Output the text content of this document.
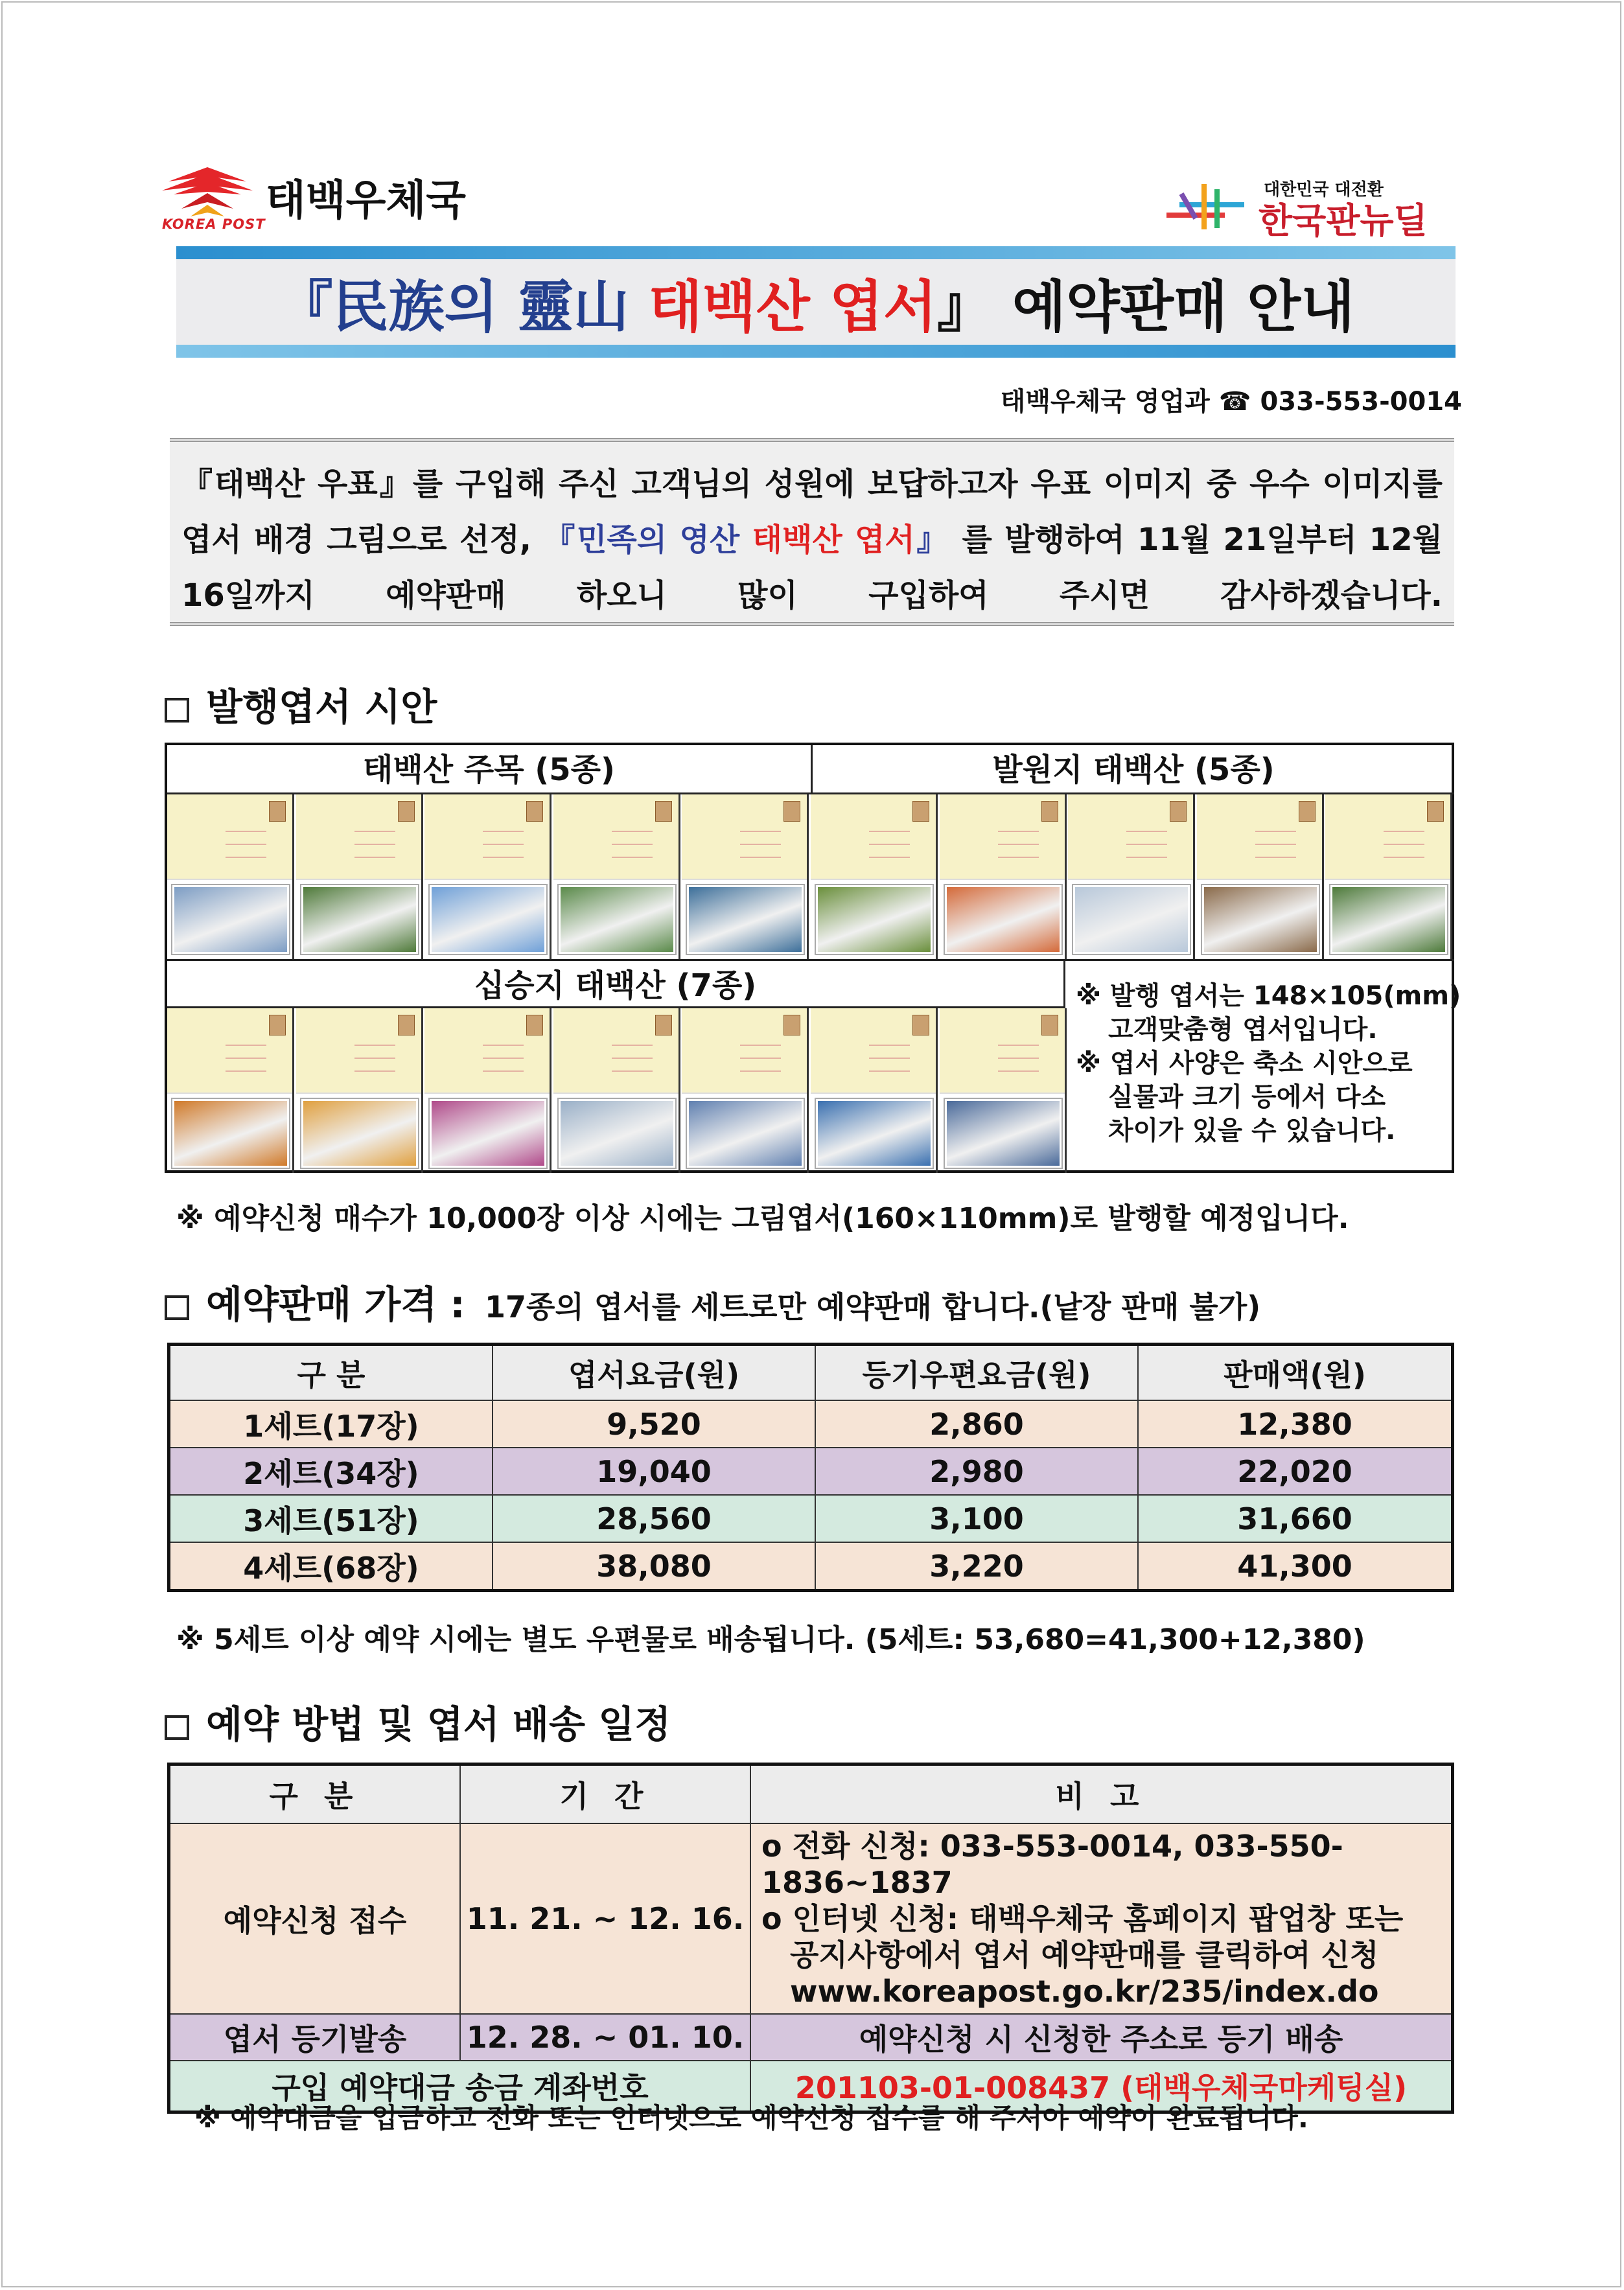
KOREA POST 태백우체국	대한민국 대전환
한국판뉴딜
『民族의
靈山
태백산 엽서 』 예약판매 안내
태백우체국 영업과 ☎ 033-553-0014
『태백산 우표』를 구입해 주신 고객님의 성원에 보답하고자 우표 이미지 중 우수 이미지를 엽서 배경 그림으로 선정, 『민족의 영산 태백산 엽서』 를 발행하여 11월 21일부터 12월16일까지 예약판매 하오니 많이 구입하여 주시면 감사하겠습니다.
발행엽서 시안
태백산 주목 (5종)	발원지 태백산 (5종)
십승지 태백산 (7종)	※ 발행 엽서는 148×105(mm)
고객맞춤형 엽서입니다.
※ 엽서 사양은 축소 시안으로
실물과 크기 등에서 다소
차이가 있을 수 있습니다.
※ 예약신청 매수가 10,000장 이상 시에는 그림엽서(160×110mm)로 발행할 예정입니다.
예약판매 가격 : 17종의 엽서를 세트로만 예약판매 합니다.(낱장 판매 불가)
구 분	엽서요금(원)	등기우편요금(원)	판매액(원)
1세트(17장)	9,520	2,860	12,380
2세트(34장)	19,040	2,980	22,020
3세트(51장)	28,560	3,100	31,660
4세트(68장)	38,080	3,220	41,300
※ 5세트 이상 예약 시에는 별도 우편물로 배송됩니다. (5세트: 53,680=41,300+12,380)
예약 방법 및 엽서 배송 일정
구 분	기 간	비 고
예약신청 접수	11. 21. ~ 12. 16.	o 전화 신청: 033-553-0014, 033-550-1836~1837
o 인터넷 신청: 태백우체국 홈페이지 팝업창 또는
공지사항에서 엽서 예약판매를 클릭하여 신청
www.koreapost.go.kr/235/index.do

엽서 등기발송	12. 28. ~ 01. 10.	예약신청 시 신청한 주소로 등기 배송
구입 예약대금 송금 계좌번호		201103-01-008437 (태백우체국마케팅실)
※ 예약대금을 입금하고 전화 또는 인터넷으로 예약신청 접수를 해 주셔야 예약이 완료됩니다.
